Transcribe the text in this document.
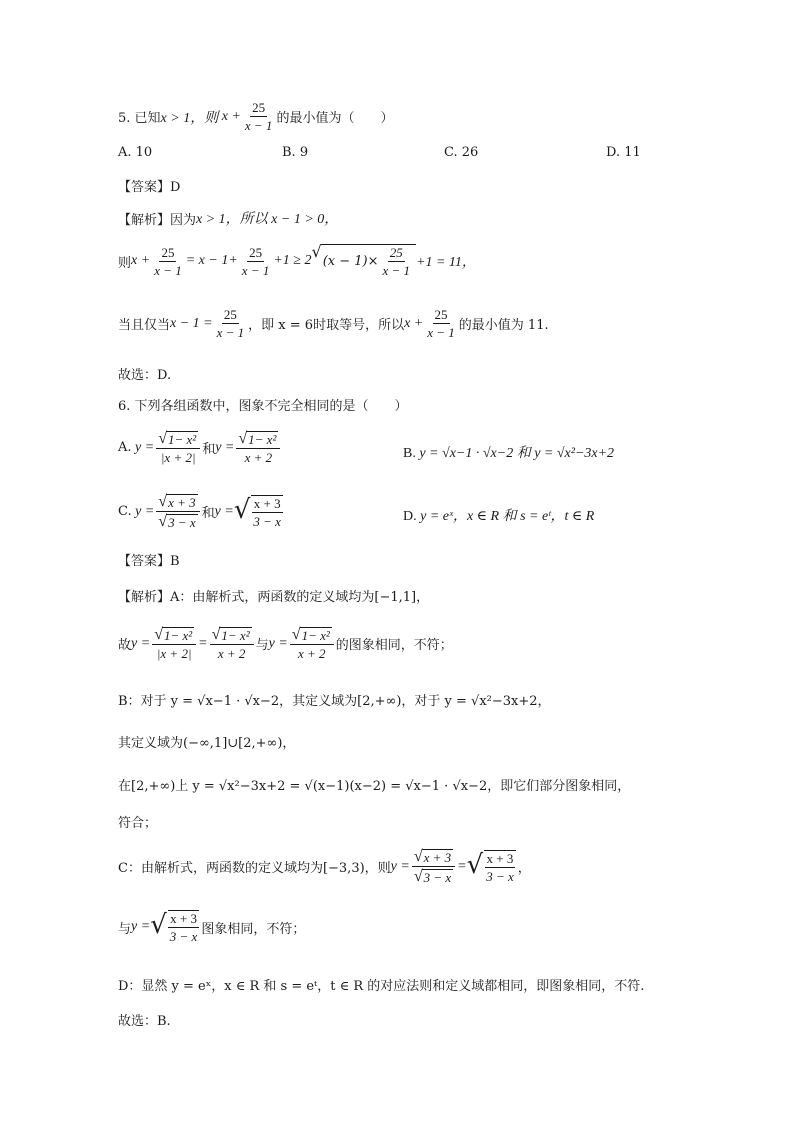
5. 已知 x > 1，则 $x + \frac{25}{x - 1}$ 的最小值为（　　）
A. 10	B. 9	C. 26	D. 11
【答案】D
【解析】因为 x > 1，所以 x − 1 > 0，
则 $x + \frac{25}{x - 1} = x - 1+ \frac{25}{x - 1} +1 \ge 2$ √
$(x - 1)\times \frac{25}{x - 1} +1 = 11$，
当且仅当 $x - 1 = \frac{25}{x - 1}$ ，即 x = 6时取等号，所以 $x + \frac{25}{x - 1}$ 的最小值为 11.
故选：D.
6. 下列各组函数中，图象不完全相同的是（　　）
A. $y = \frac{\text{√ 1− x²}}{|x + 2|}$ 和 $y = \frac{\text{√ 1− x²}}{x + 2}$	B. y = √x−1 · √x−2 和 y = √x²−3x+2
C. $y = \frac{√ x + 3}{√ 3 - x}$ 和 y = √ $\frac{x + 3}{3 - x}$	D. y = eˣ，x ∈ R 和 s = eᵗ，t ∈ R
【答案】B
【解析】A：由解析式，两函数的定义域均为[−1,1]，
故 $y = \frac{\text{√ 1− x²}}{|x + 2|} = \frac{\text{√ 1− x²}}{x + 2}$ 与 $y = \frac{\text{√ 1− x²}}{x + 2}$ 的图象相同，不符；
B：对于 y = √x−1 · √x−2，其定义域为[2,+∞)，对于 y = √x²−3x+2，
其定义域为(−∞,1]∪[2,+∞)，
在[2,+∞)上 y = √x²−3x+2 = √(x−1)(x−2) = √x−1 · √x−2，即它们部分图象相同，
符合；
C：由解析式，两函数的定义域均为[−3,3)，则 $y = \frac{√ x + 3}{√ 3 - x}$ = √ $\frac{x + 3}{3 - x}$ ，
与 y = √ $\frac{x + 3}{3 - x}$ 图象相同，不符；
D：显然 y = eˣ，x ∈ R 和 s = eᵗ，t ∈ R 的对应法则和定义域都相同，即图象相同，不符.
故选：B.
